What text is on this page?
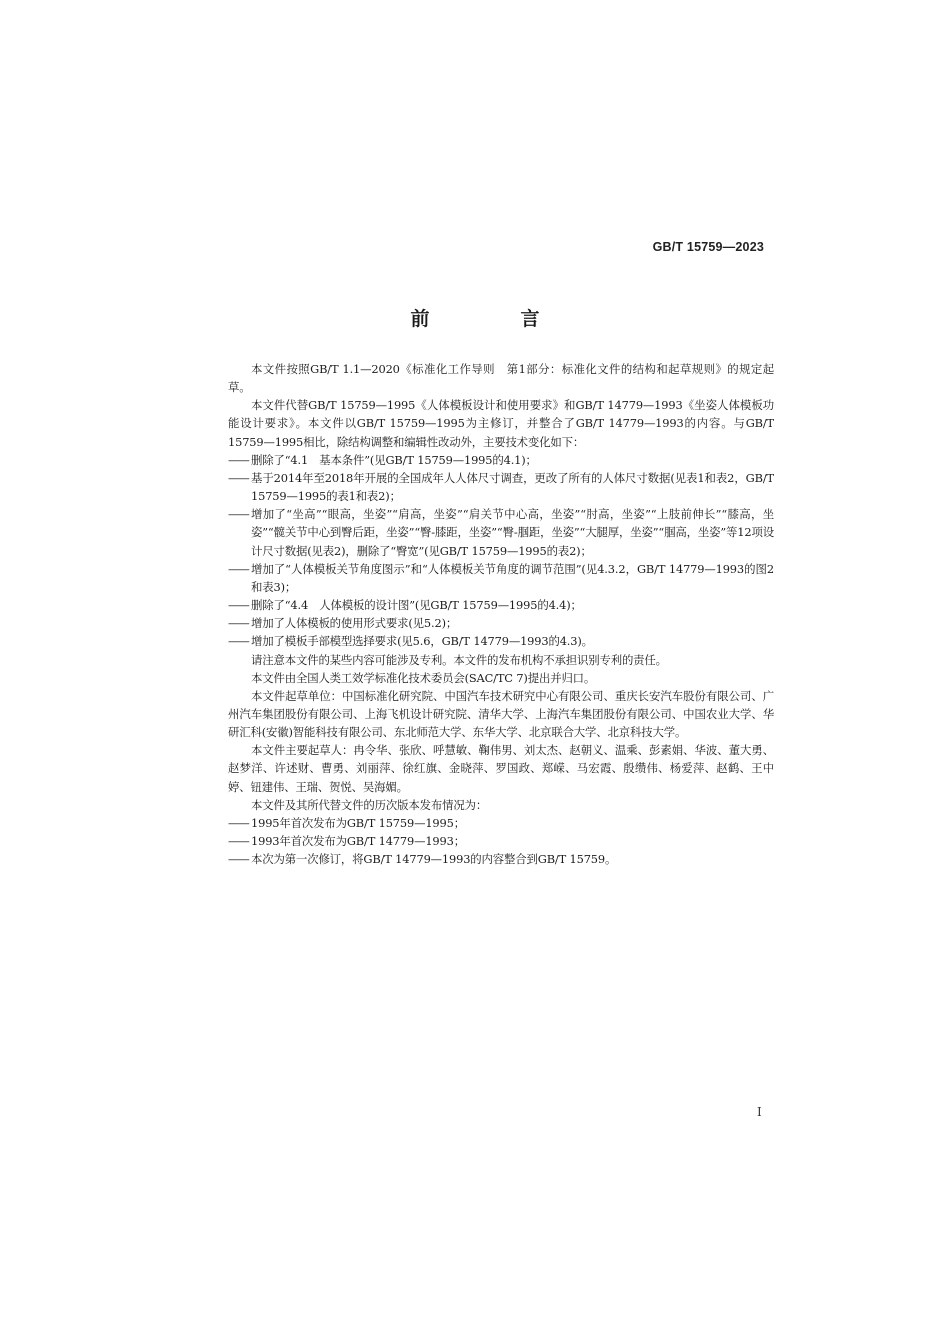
GB/T 15759—2023
前　言

本文件按照GB/T 1.1—2020《标准化工作导则　第1部分：标准化文件的结构和起草规则》的规定起草。

本文件代替GB/T 15759—1995《人体模板设计和使用要求》和GB/T 14779—1993《坐姿人体模板功能设计要求》。本文件以GB/T 15759—1995为主修订，并整合了GB/T 14779—1993的内容。与GB/T 15759—1995相比，除结构调整和编辑性改动外，主要技术变化如下：

—— 删除了“4.1　基本条件”(见GB/T 15759—1995的4.1)；

—— 基于2014年至2018年开展的全国成年人人体尺寸调查，更改了所有的人体尺寸数据(见表1和表2，GB/T 15759—1995的表1和表2)；

—— 增加了“坐高”“眼高，坐姿”“肩高，坐姿”“肩关节中心高，坐姿”“肘高，坐姿”“上肢前伸长”“膝高，坐姿”“髋关节中心到臀后距，坐姿”“臀-膝距，坐姿”“臀-腘距，坐姿”“大腿厚，坐姿”“腘高，坐姿”等12项设计尺寸数据(见表2)，删除了“臀宽”(见GB/T 15759—1995的表2)；

—— 增加了“人体模板关节角度图示”和“人体模板关节角度的调节范围”(见4.3.2，GB/T 14779—1993的图2和表3)；

—— 删除了“4.4　人体模板的设计图”(见GB/T 15759—1995的4.4)；

—— 增加了人体模板的使用形式要求(见5.2)；

—— 增加了模板手部模型选择要求(见5.6，GB/T 14779—1993的4.3)。

请注意本文件的某些内容可能涉及专利。本文件的发布机构不承担识别专利的责任。

本文件由全国人类工效学标准化技术委员会(SAC/TC 7)提出并归口。

本文件起草单位：中国标准化研究院、中国汽车技术研究中心有限公司、重庆长安汽车股份有限公司、广州汽车集团股份有限公司、上海飞机设计研究院、清华大学、上海汽车集团股份有限公司、中国农业大学、华研汇科(安徽)智能科技有限公司、东北师范大学、东华大学、北京联合大学、北京科技大学。

本文件主要起草人：冉令华、张欣、呼慧敏、鞠伟男、刘太杰、赵朝义、温乘、彭素娟、华波、董大勇、赵梦洋、许述财、曹勇、刘丽萍、徐红旗、金晓萍、罗国政、郑嵘、马宏霞、殷缵伟、杨爱萍、赵鹤、王中婷、钮建伟、王瑞、贺悦、吴海媚。

本文件及其所代替文件的历次版本发布情况为：

—— 1995年首次发布为GB/T 15759—1995；

—— 1993年首次发布为GB/T 14779—1993；

—— 本次为第一次修订，将GB/T 14779—1993的内容整合到GB/T 15759。

I
